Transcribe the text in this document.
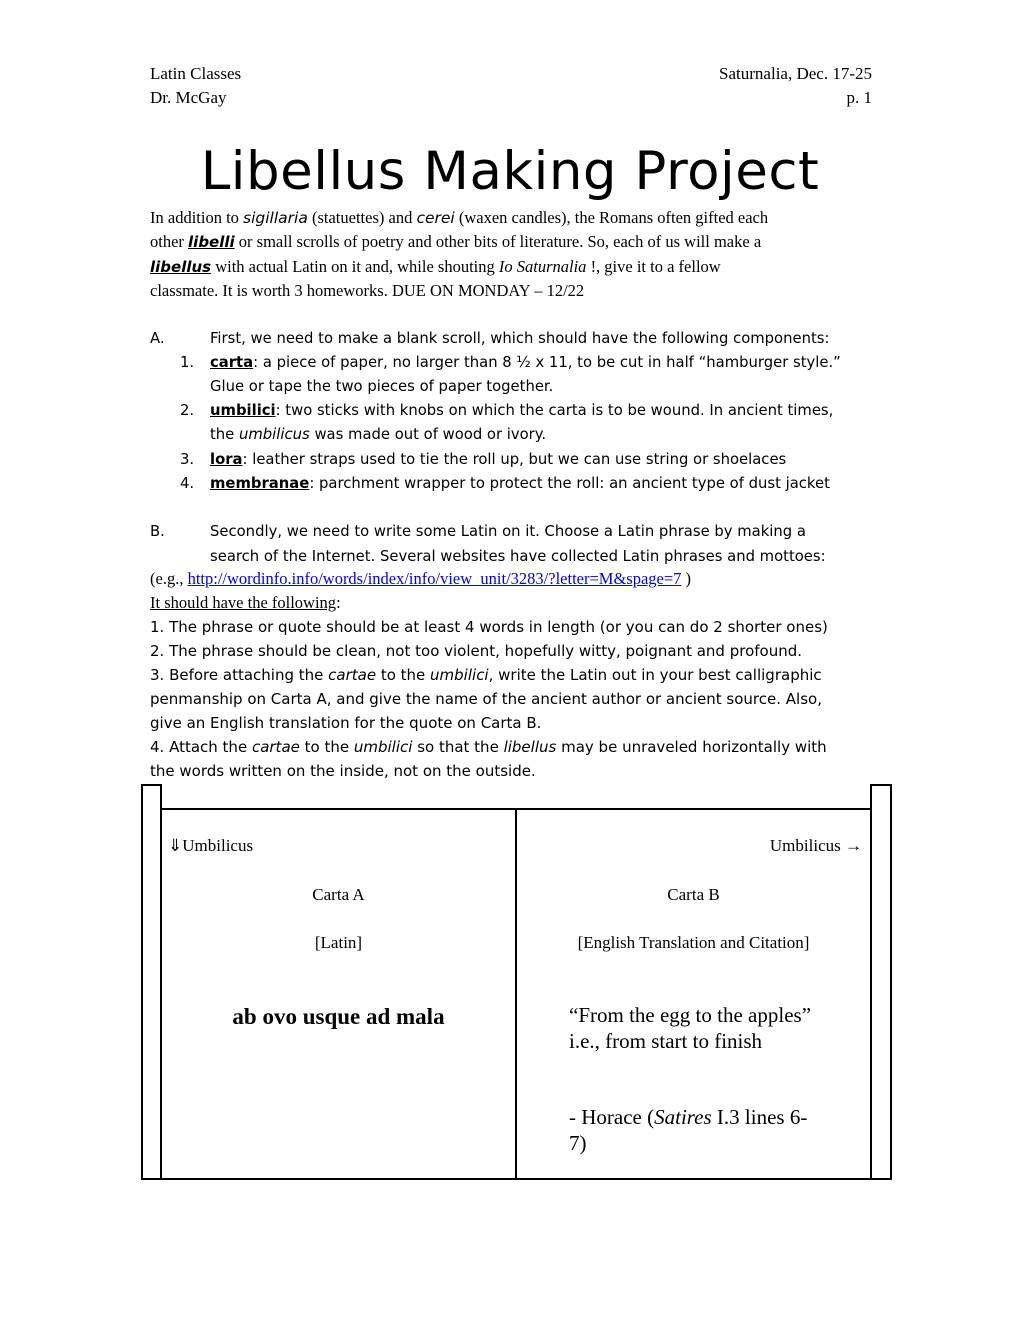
Latin Classes
Dr. McGay
Saturnalia, Dec. 17-25
p. 1
Libellus Making Project
In addition to sigillaria (statuettes) and cerei (waxen candles), the Romans often gifted each
other libelli or small scrolls of poetry and other bits of literature. So, each of us will make a
libellus with actual Latin on it and, while shouting Io Saturnalia !, give it to a fellow
classmate. It is worth 3 homeworks. DUE ON MONDAY – 12/22
A.	First, we need to make a blank scroll, which should have the following components:
1. carta: a piece of paper, no larger than 8 ½ x 11, to be cut in half “hamburger style.”
Glue or tape the two pieces of paper together.
2. umbilici: two sticks with knobs on which the carta is to be wound. In ancient times,
the umbilicus was made out of wood or ivory.
3. lora: leather straps used to tie the roll up, but we can use string or shoelaces
4. membranae: parchment wrapper to protect the roll: an ancient type of dust jacket
B.	Secondly, we need to write some Latin on it. Choose a Latin phrase by making a
search of the Internet. Several websites have collected Latin phrases and mottoes:
(e.g., http://wordinfo.info/words/index/info/view_unit/3283/?letter=M&spage=7 )
It should have the following:
1. The phrase or quote should be at least 4 words in length (or you can do 2 shorter ones)
2. The phrase should be clean, not too violent, hopefully witty, poignant and profound.
3. Before attaching the cartae to the umbilici, write the Latin out in your best calligraphic
penmanship on Carta A, and give the name of the ancient author or ancient source. Also,
give an English translation for the quote on Carta B.
4. Attach the cartae to the umbilici so that the libellus may be unraveled horizontally with
the words written on the inside, not on the outside.
⇓Umbilicus	Umbilicus →
Carta A	Carta B
[Latin]	[English Translation and Citation]
ab ovo usque ad mala	“From the egg to the apples” i.e., from start to finish
- Horace (Satires I.3 lines 6-7)
